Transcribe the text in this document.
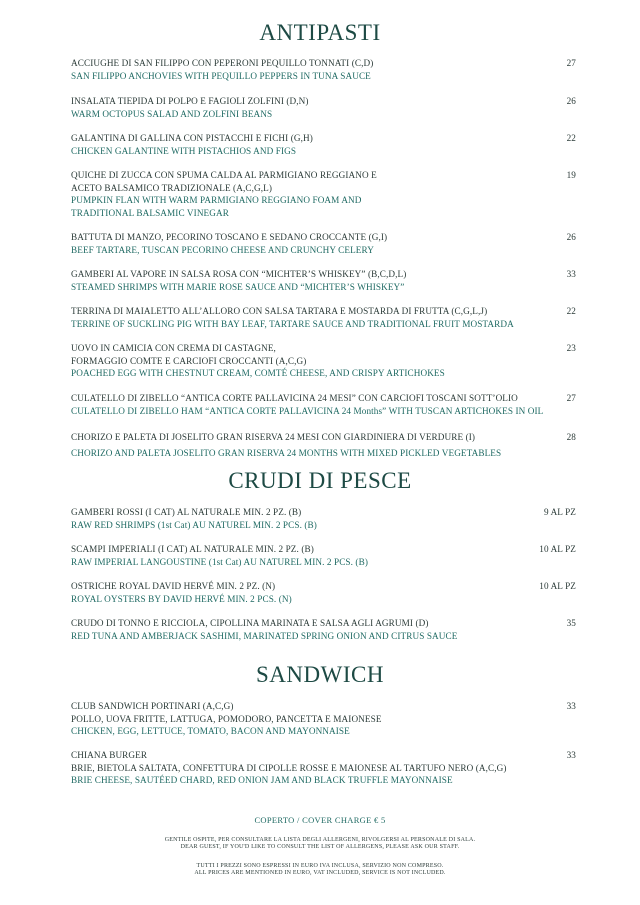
ANTIPASTI
ACCIUGHE DI SAN FILIPPO CON PEPERONI PEQUILLO TONNATI (C,D)
SAN FILIPPO ANCHOVIES WITH PEQUILLO PEPPERS IN TUNA SAUCE
27
INSALATA TIEPIDA DI POLPO E FAGIOLI ZOLFINI (D,N)
WARM OCTOPUS SALAD AND ZOLFINI BEANS
26
GALANTINA DI GALLINA CON PISTACCHI E FICHI (G,H)
CHICKEN GALANTINE WITH PISTACHIOS AND FIGS
22
QUICHE DI ZUCCA CON SPUMA CALDA AL PARMIGIANO REGGIANO E
ACETO BALSAMICO TRADIZIONALE (A,C,G,L)
PUMPKIN FLAN WITH WARM PARMIGIANO REGGIANO FOAM AND
TRADITIONAL BALSAMIC VINEGAR
19
BATTUTA DI MANZO, PECORINO TOSCANO E SEDANO CROCCANTE (G,I)
BEEF TARTARE, TUSCAN PECORINO CHEESE AND CRUNCHY CELERY
26
GAMBERI AL VAPORE IN SALSA ROSA CON “MICHTER’S WHISKEY” (B,C,D,L)
STEAMED SHRIMPS WITH MARIE ROSE SAUCE AND “MICHTER’S WHISKEY”
33
TERRINA DI MAIALETTO ALL’ALLORO CON SALSA TARTARA E MOSTARDA DI FRUTTA (C,G,L,J)
TERRINE OF SUCKLING PIG WITH BAY LEAF, TARTARE SAUCE AND TRADITIONAL FRUIT MOSTARDA
22
UOVO IN CAMICIA CON CREMA DI CASTAGNE,
FORMAGGIO COMTE E CARCIOFI CROCCANTI (A,C,G)
POACHED EGG WITH CHESTNUT CREAM, COMTÉ CHEESE, AND CRISPY ARTICHOKES
23
CULATELLO DI ZIBELLO “ANTICA CORTE PALLAVICINA 24 MESI” CON CARCIOFI TOSCANI SOTT’OLIO
CULATELLO DI ZIBELLO HAM “ANTICA CORTE PALLAVICINA 24 Months” WITH TUSCAN ARTICHOKES IN OIL
27
CHORIZO E PALETA DI JOSELITO GRAN RISERVA 24 MESI CON GIARDINIERA DI VERDURE (I)
CHORIZO AND PALETA JOSELITO GRAN RISERVA 24 MONTHS WITH MIXED PICKLED VEGETABLES
28
CRUDI DI PESCE
GAMBERI ROSSI (I CAT) AL NATURALE MIN. 2 PZ. (B)
RAW RED SHRIMPS (1st Cat) AU NATUREL MIN. 2 PCS. (B)
9 AL PZ
SCAMPI IMPERIALI (I CAT) AL NATURALE MIN. 2 PZ. (B)
RAW IMPERIAL LANGOUSTINE (1st Cat) AU NATUREL MIN. 2 PCS. (B)
10 AL PZ
OSTRICHE ROYAL DAVID HERVÉ MIN. 2 PZ. (N)
ROYAL OYSTERS BY DAVID HERVÉ MIN. 2 PCS. (N)
10 AL PZ
CRUDO DI TONNO E RICCIOLA, CIPOLLINA MARINATA E SALSA AGLI AGRUMI (D)
RED TUNA AND AMBERJACK SASHIMI, MARINATED SPRING ONION AND CITRUS SAUCE
35
SANDWICH
CLUB SANDWICH PORTINARI (A,C,G)
POLLO, UOVA FRITTE, LATTUGA, POMODORO, PANCETTA E MAIONESE
CHICKEN, EGG, LETTUCE, TOMATO, BACON AND MAYONNAISE
33
CHIANA BURGER
BRIE, BIETOLA SALTATA, CONFETTURA DI CIPOLLE ROSSE E MAIONESE AL TARTUFO NERO (A,C,G)
BRIE CHEESE, SAUTÉED CHARD, RED ONION JAM AND BLACK TRUFFLE MAYONNAISE
33
COPERTO / COVER CHARGE € 5
GENTILE OSPITE, PER CONSULTARE LA LISTA DEGLI ALLERGENI, RIVOLGERSI AL PERSONALE DI SALA.
DEAR GUEST, IF YOU'D LIKE TO CONSULT THE LIST OF ALLERGENS, PLEASE ASK OUR STAFF.
TUTTI I PREZZI SONO ESPRESSI IN EURO IVA INCLUSA, SERVIZIO NON COMPRESO.
ALL PRICES ARE MENTIONED IN EURO, VAT INCLUDED, SERVICE IS NOT INCLUDED.
